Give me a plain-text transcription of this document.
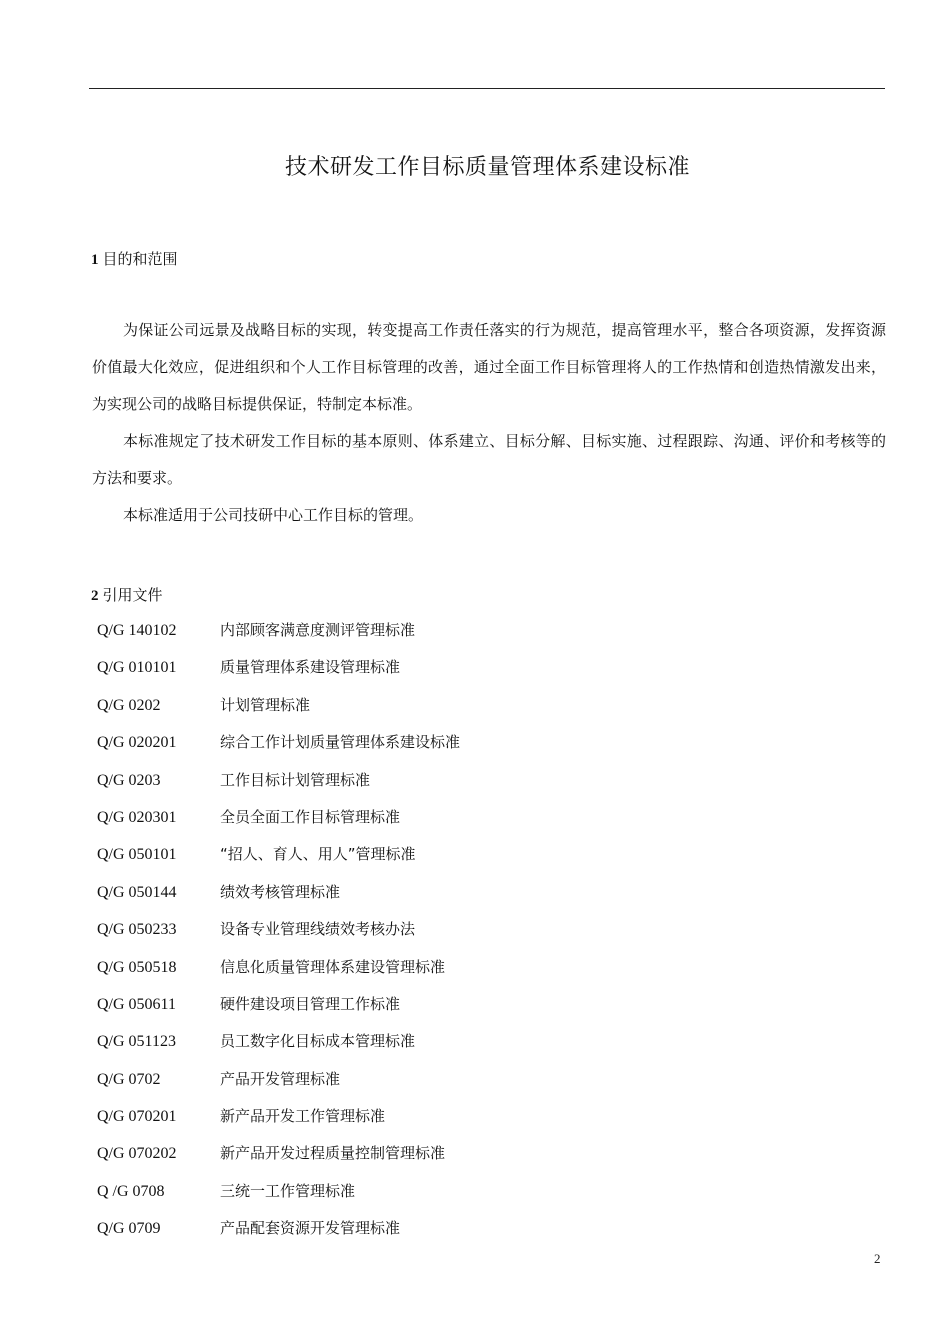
技术研发工作目标质量管理体系建设标准
1 目的和范围

为保证公司远景及战略目标的实现，转变提高工作责任落实的行为规范，提高管理水平，整合各项资源，发挥资源价值最大化效应，促进组织和个人工作目标管理的改善，通过全面工作目标管理将人的工作热情和创造热情激发出来，为实现公司的战略目标提供保证，特制定本标准。

本标准规定了技术研发工作目标的基本原则、体系建立、目标分解、目标实施、过程跟踪、沟通、评价和考核等的方法和要求。

本标准适用于公司技研中心工作目标的管理。

2 引用文件
Q/G 140102	内部顾客满意度测评管理标准
Q/G 010101	质量管理体系建设管理标准
Q/G 0202	计划管理标准
Q/G 020201	综合工作计划质量管理体系建设标准
Q/G 0203	工作目标计划管理标准
Q/G 020301	全员全面工作目标管理标准
Q/G 050101	“招人、育人、用人”管理标准
Q/G 050144	绩效考核管理标准
Q/G 050233	设备专业管理线绩效考核办法
Q/G 050518	信息化质量管理体系建设管理标准
Q/G 050611	硬件建设项目管理工作标准
Q/G 051123	员工数字化目标成本管理标准
Q/G 0702	产品开发管理标准
Q/G 070201	新产品开发工作管理标准
Q/G 070202	新产品开发过程质量控制管理标准
Q /G 0708	三统一工作管理标准
Q/G 0709	产品配套资源开发管理标准
2
